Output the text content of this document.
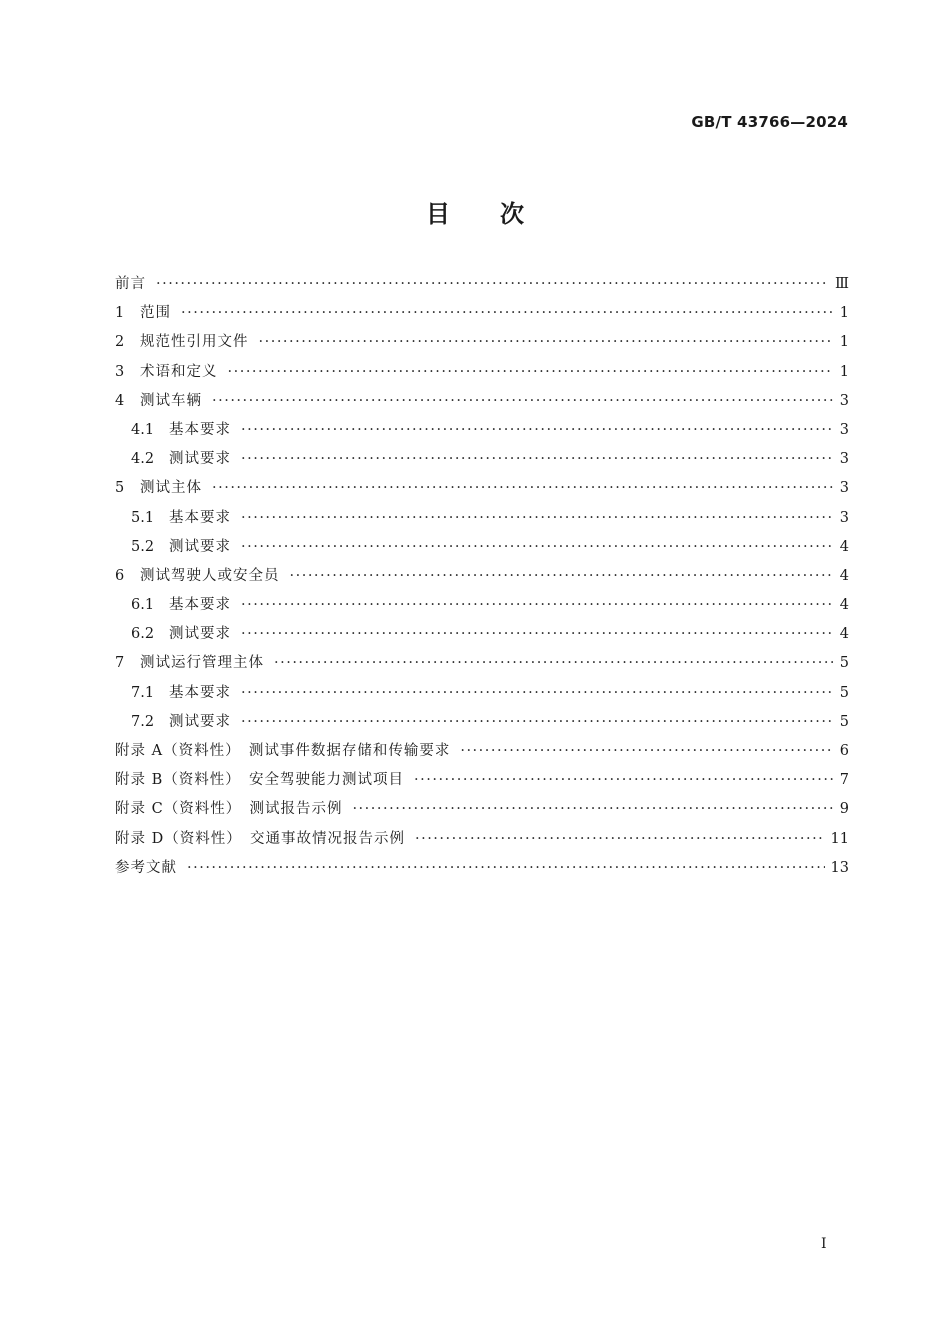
GB/T 43766—2024
目次
前言 ·····	Ⅲ
1	范围 ·····	1
2	规范性引用文件 ·····	1
3	术语和定义 ·····	1
4	测试车辆 ·····	3
4.1	基本要求 ·····	3
4.2	测试要求 ·····	3
5	测试主体 ·····	3
5.1	基本要求 ·····	3
5.2	测试要求 ·····	4
6	测试驾驶人或安全员 ·····	4
6.1	基本要求 ·····	4
6.2	测试要求 ·····	4
7	测试运行管理主体 ·····	5
7.1	基本要求 ·····	5
7.2	测试要求 ·····	5
附录 A（资料性）　测试事件数据存储和传输要求 ·····	6
附录 B（资料性）　安全驾驶能力测试项目 ·····	7
附录 C（资料性）　测试报告示例 ·····	9
附录 D（资料性）　交通事故情况报告示例 ·····	11
参考文献 ·····	13
Ⅰ
